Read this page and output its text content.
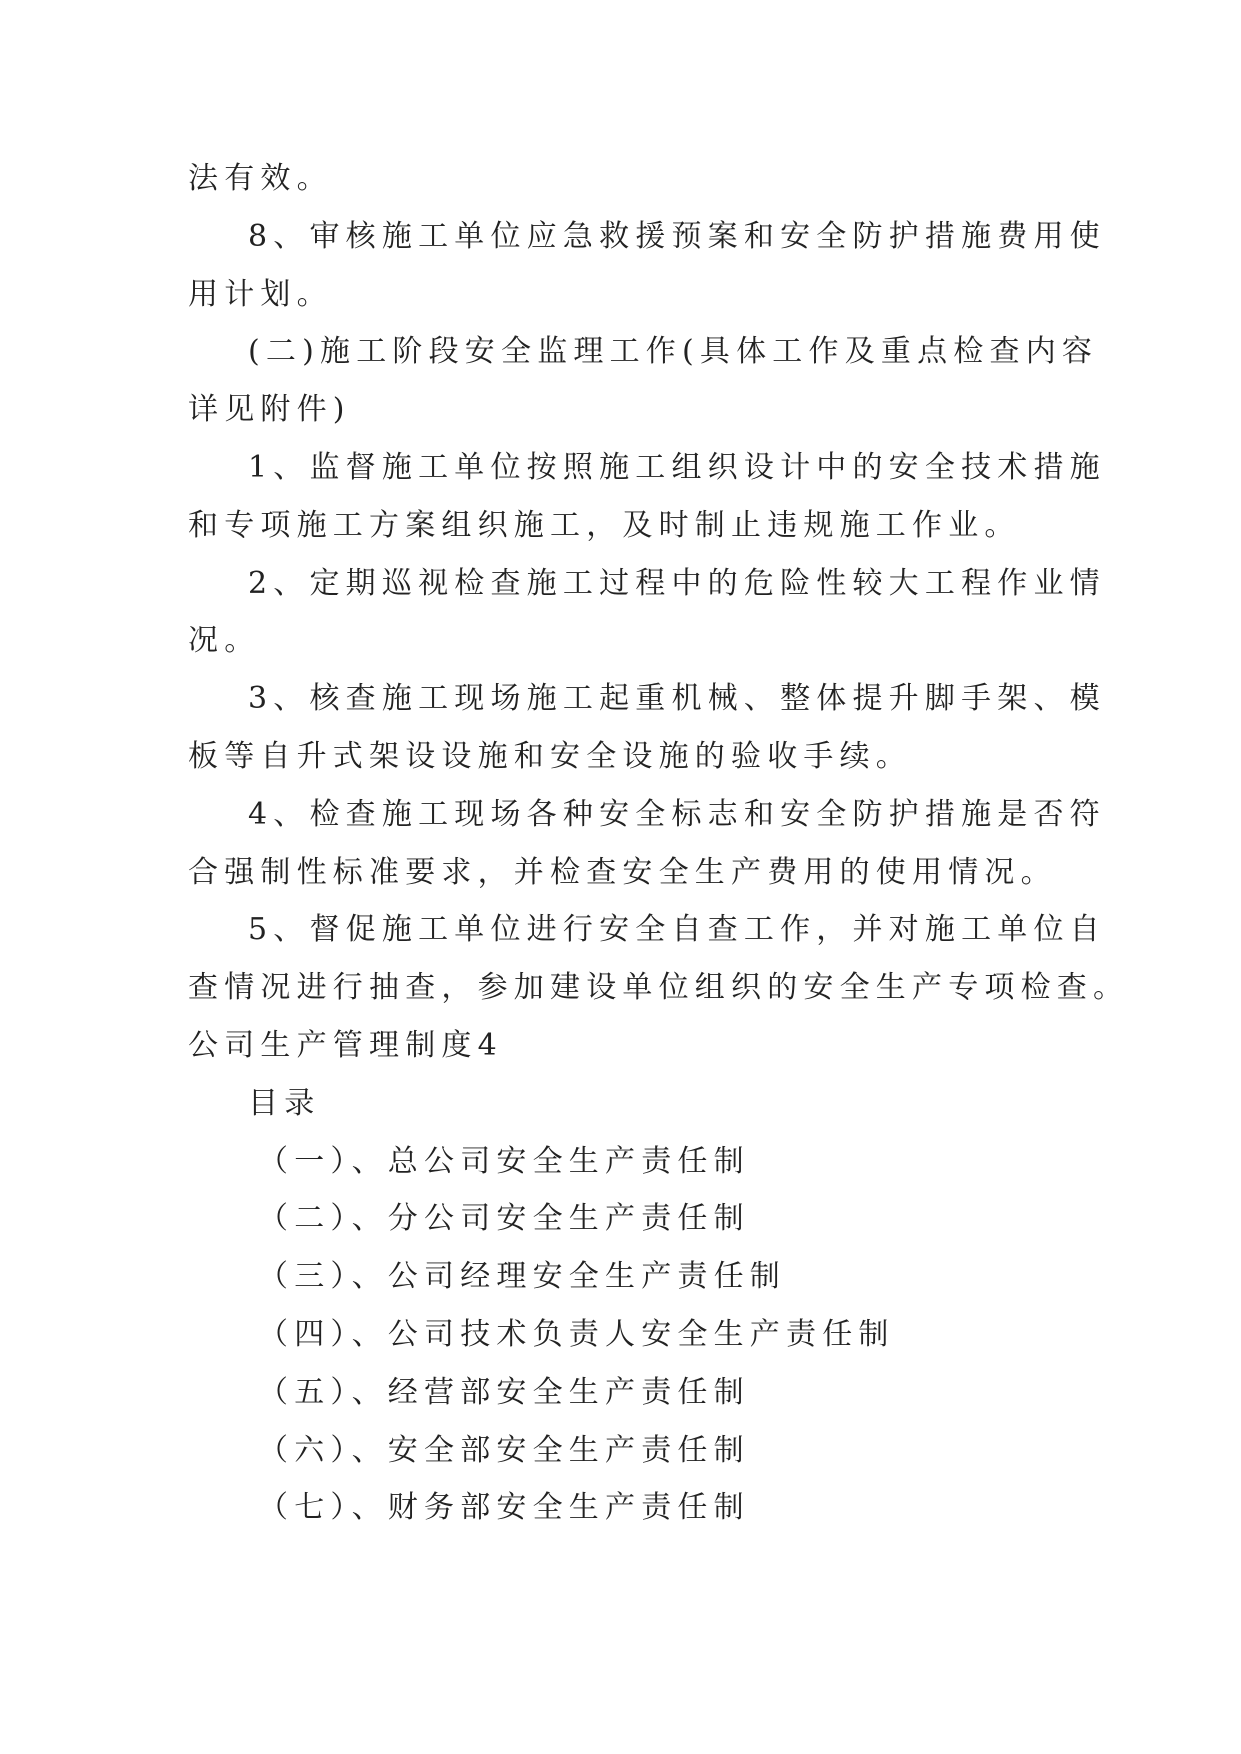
法有效。
8、审核施工单位应急救援预案和安全防护措施费用使
用计划。
(二)施工阶段安全监理工作(具体工作及重点检查内容
详见附件)
1、监督施工单位按照施工组织设计中的安全技术措施
和专项施工方案组织施工，及时制止违规施工作业。
2、定期巡视检查施工过程中的危险性较大工程作业情
况。
3、核查施工现场施工起重机械、整体提升脚手架、模
板等自升式架设设施和安全设施的验收手续。
4、检查施工现场各种安全标志和安全防护措施是否符
合强制性标准要求，并检查安全生产费用的使用情况。
5、督促施工单位进行安全自查工作，并对施工单位自
查情况进行抽查，参加建设单位组织的安全生产专项检查。
公司生产管理制度4
目录
（一）、总公司安全生产责任制
（二）、分公司安全生产责任制
（三）、公司经理安全生产责任制
（四）、公司技术负责人安全生产责任制
（五）、经营部安全生产责任制
（六）、安全部安全生产责任制
（七）、财务部安全生产责任制
